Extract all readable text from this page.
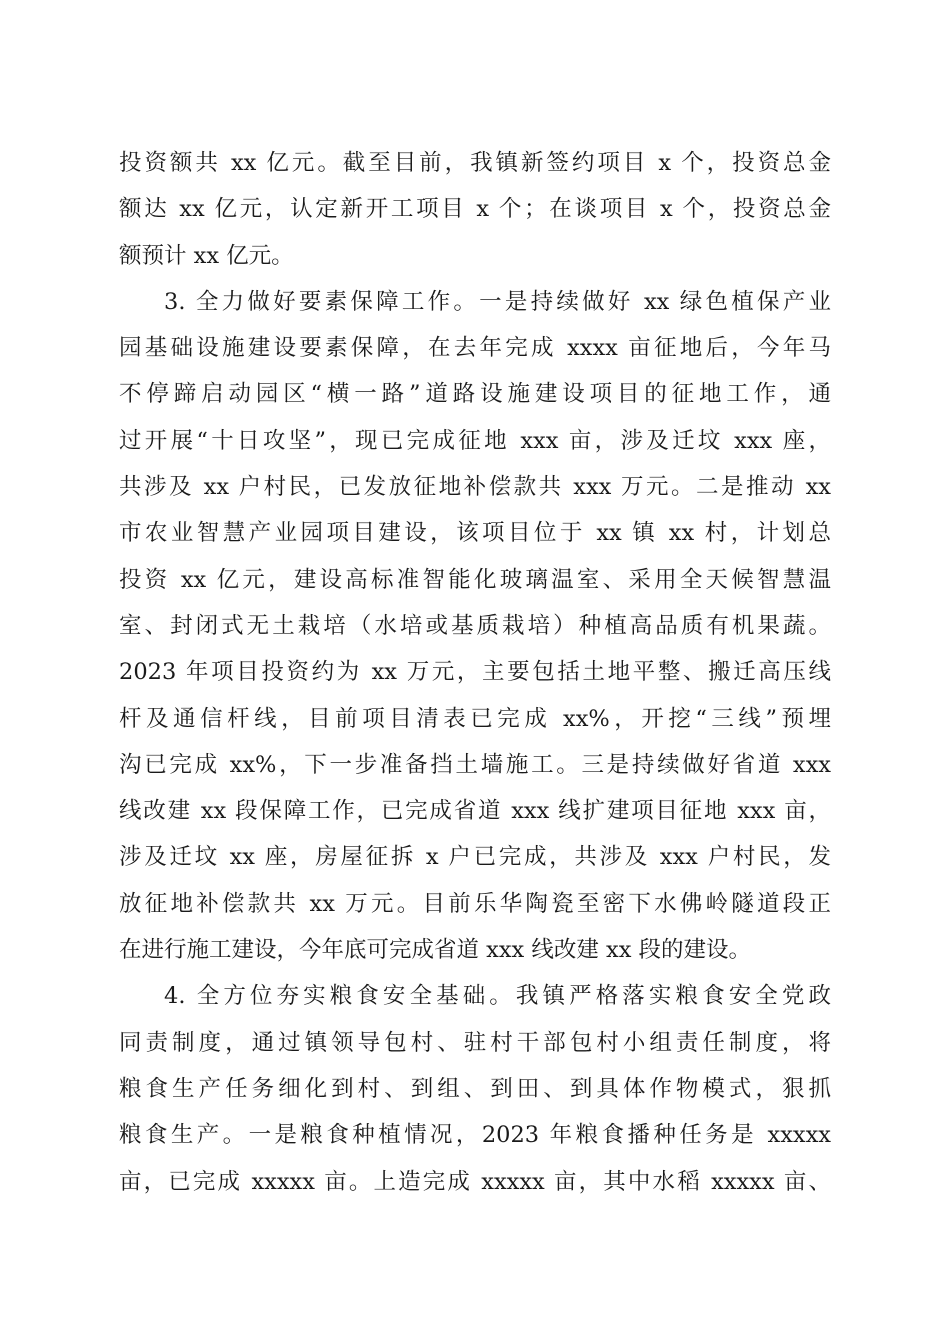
投资额共 xx 亿元。截至目前，我镇新签约项目 x 个，投资总金
额达 xx 亿元，认定新开工项目 x 个；在谈项目 x 个，投资总金
额预计 xx 亿元。
3. 全力做好要素保障工作。一是持续做好 xx 绿色植保产业
园基础设施建设要素保障，在去年完成 xxxx 亩征地后，今年马
不停蹄启动园区“横一路”道路设施建设项目的征地工作，通
过开展“十日攻坚”，现已完成征地 xxx 亩，涉及迁坟 xxx 座，
共涉及 xx 户村民，已发放征地补偿款共 xxx 万元。二是推动 xx
市农业智慧产业园项目建设，该项目位于 xx 镇 xx 村，计划总
投资 xx 亿元，建设高标准智能化玻璃温室、采用全天候智慧温
室、封闭式无土栽培（水培或基质栽培）种植高品质有机果蔬。
2023 年项目投资约为 xx 万元，主要包括土地平整、搬迁高压线
杆及通信杆线，目前项目清表已完成 xx%，开挖“三线”预埋
沟已完成 xx%，下一步准备挡土墙施工。三是持续做好省道 xxx
线改建 xx 段保障工作，已完成省道 xxx 线扩建项目征地 xxx 亩，
涉及迁坟 xx 座，房屋征拆 x 户已完成，共涉及 xxx 户村民，发
放征地补偿款共 xx 万元。目前乐华陶瓷至密下水佛岭隧道段正
在进行施工建设，今年底可完成省道 xxx 线改建 xx 段的建设。
4. 全方位夯实粮食安全基础。我镇严格落实粮食安全党政
同责制度，通过镇领导包村、驻村干部包村小组责任制度，将
粮食生产任务细化到村、到组、到田、到具体作物模式，狠抓
粮食生产。一是粮食种植情况，2023 年粮食播种任务是 xxxxx
亩，已完成 xxxxx 亩。上造完成 xxxxx 亩，其中水稻 xxxxx 亩、
